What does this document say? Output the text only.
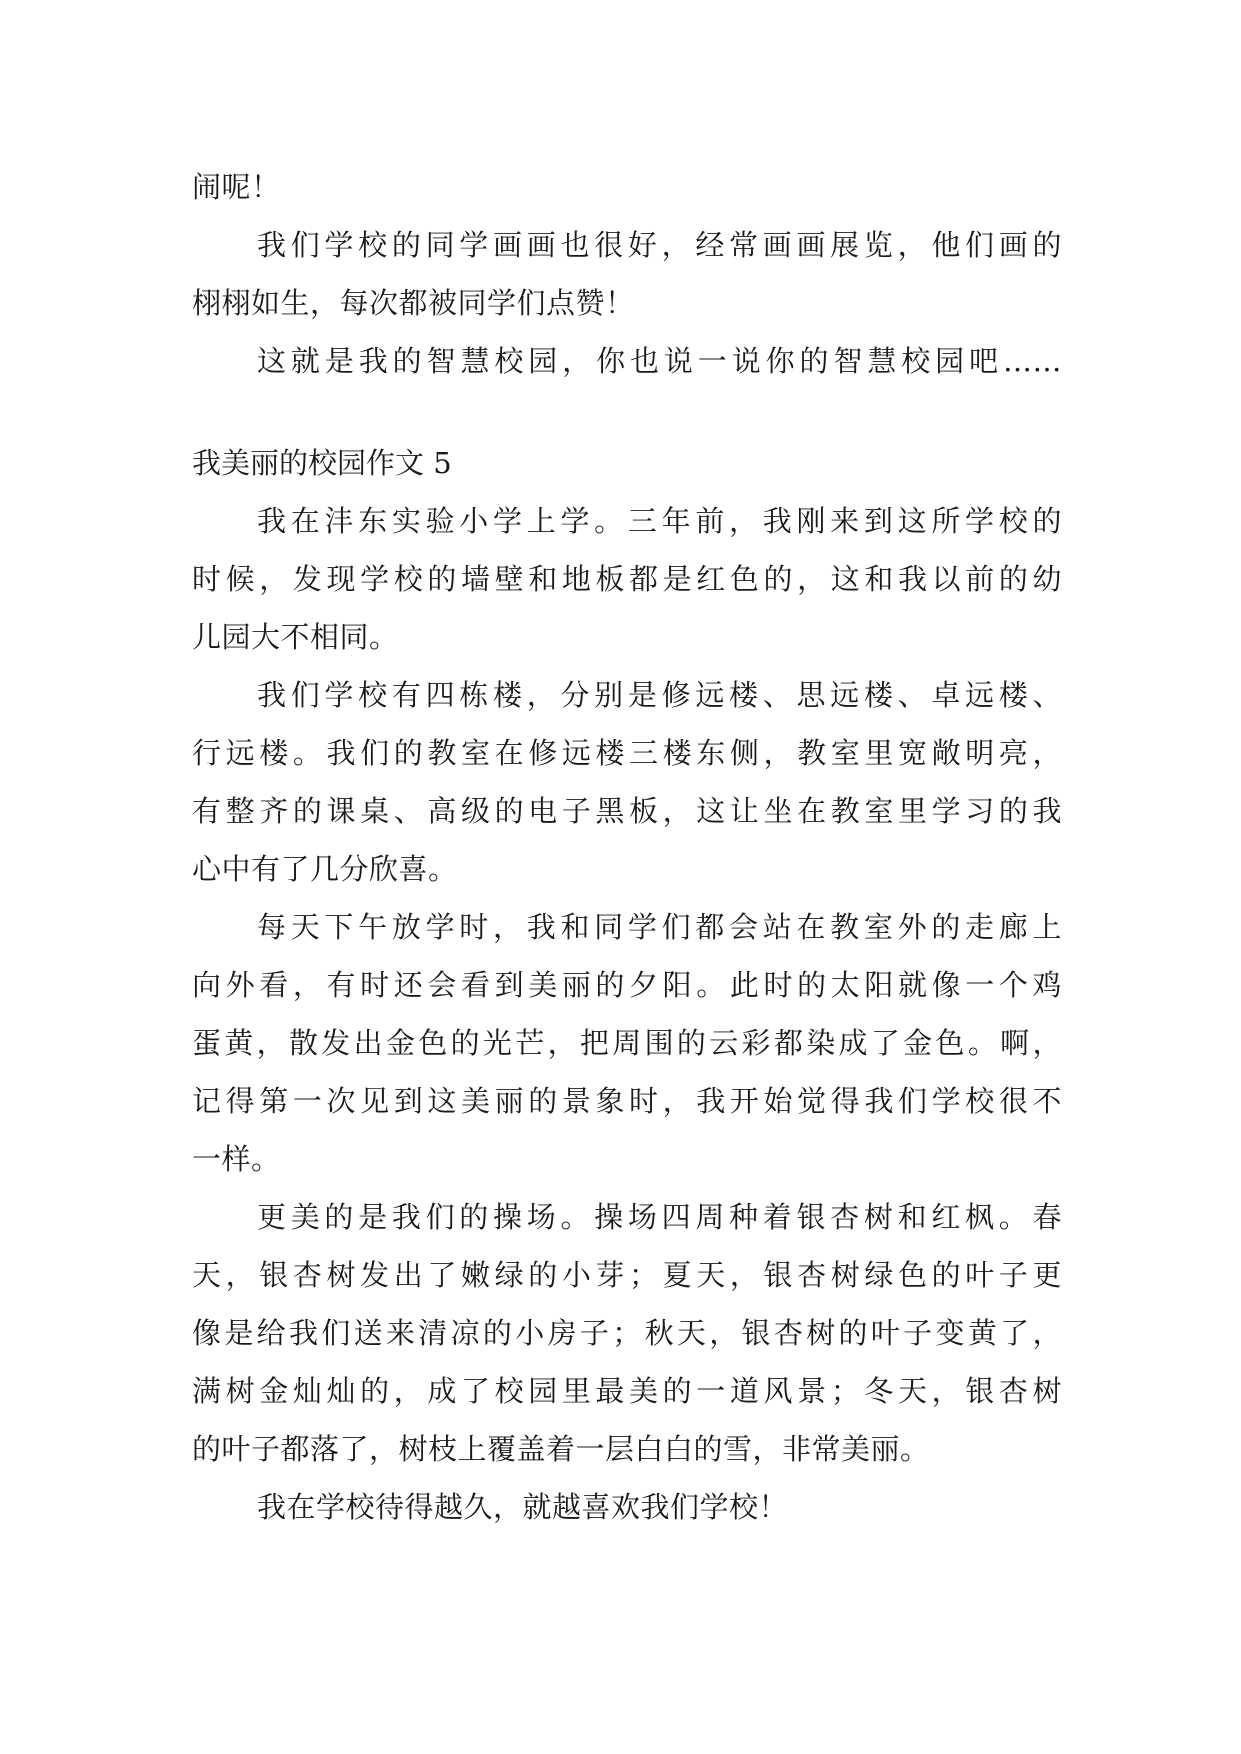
闹呢！
我们学校的同学画画也很好，经常画画展览，他们画的
栩栩如生，每次都被同学们点赞！
这就是我的智慧校园，你也说一说你的智慧校园吧……
我美丽的校园作文 5
我在沣东实验小学上学。三年前，我刚来到这所学校的
时候，发现学校的墙壁和地板都是红色的，这和我以前的幼
儿园大不相同。
我们学校有四栋楼，分别是修远楼、思远楼、卓远楼、
行远楼。我们的教室在修远楼三楼东侧，教室里宽敞明亮，
有整齐的课桌、高级的电子黑板，这让坐在教室里学习的我
心中有了几分欣喜。
每天下午放学时，我和同学们都会站在教室外的走廊上
向外看，有时还会看到美丽的夕阳。此时的太阳就像一个鸡
蛋黄，散发出金色的光芒，把周围的云彩都染成了金色。啊，
记得第一次见到这美丽的景象时，我开始觉得我们学校很不
一样。
更美的是我们的操场。操场四周种着银杏树和红枫。春
天，银杏树发出了嫩绿的小芽；夏天，银杏树绿色的叶子更
像是给我们送来清凉的小房子；秋天，银杏树的叶子变黄了，
满树金灿灿的，成了校园里最美的一道风景；冬天，银杏树
的叶子都落了，树枝上覆盖着一层白白的雪，非常美丽。
我在学校待得越久，就越喜欢我们学校！
